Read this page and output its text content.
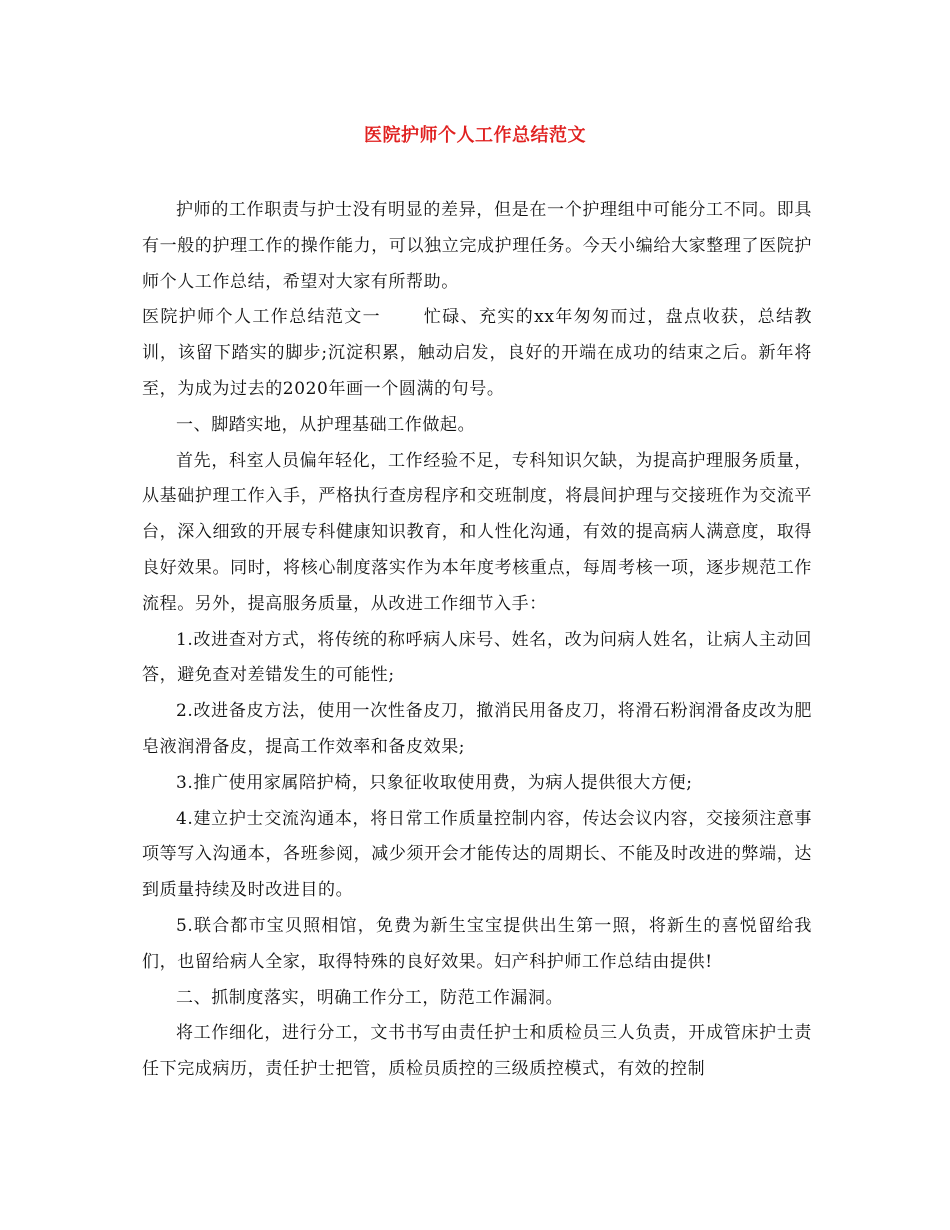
医院护师个人工作总结范文

护师的工作职责与护士没有明显的差异，但是在一个护理组中可能分工不同。即具有一般的护理工作的操作能力，可以独立完成护理任务。今天小编给大家整理了医院护师个人工作总结，希望对大家有所帮助。

医院护师个人工作总结范文一 忙碌、充实的xx年匆匆而过，盘点收获，总结教训，该留下踏实的脚步;沉淀积累，触动启发，良好的开端在成功的结束之后。新年将至，为成为过去的2020年画一个圆满的句号。

一、脚踏实地，从护理基础工作做起。

首先，科室人员偏年轻化，工作经验不足，专科知识欠缺，为提高护理服务质量，从基础护理工作入手，严格执行查房程序和交班制度，将晨间护理与交接班作为交流平台，深入细致的开展专科健康知识教育，和人性化沟通，有效的提高病人满意度，取得良好效果。同时，将核心制度落实作为本年度考核重点，每周考核一项，逐步规范工作流程。另外，提高服务质量，从改进工作细节入手：

1.改进查对方式，将传统的称呼病人床号、姓名，改为问病人姓名，让病人主动回答，避免查对差错发生的可能性;

2.改进备皮方法，使用一次性备皮刀，撤消民用备皮刀，将滑石粉润滑备皮改为肥皂液润滑备皮，提高工作效率和备皮效果;

3.推广使用家属陪护椅，只象征收取使用费，为病人提供很大方便;

4.建立护士交流沟通本，将日常工作质量控制内容，传达会议内容，交接须注意事项等写入沟通本，各班参阅，减少须开会才能传达的周期长、不能及时改进的弊端，达到质量持续及时改进目的。

5.联合都市宝贝照相馆，免费为新生宝宝提供出生第一照，将新生的喜悦留给我们，也留给病人全家，取得特殊的良好效果。妇产科护师工作总结由提供!

二、抓制度落实，明确工作分工，防范工作漏洞。

将工作细化，进行分工，文书书写由责任护士和质检员三人负责，开成管床护士责任下完成病历，责任护士把管，质检员质控的三级质控模式，有效的控制
